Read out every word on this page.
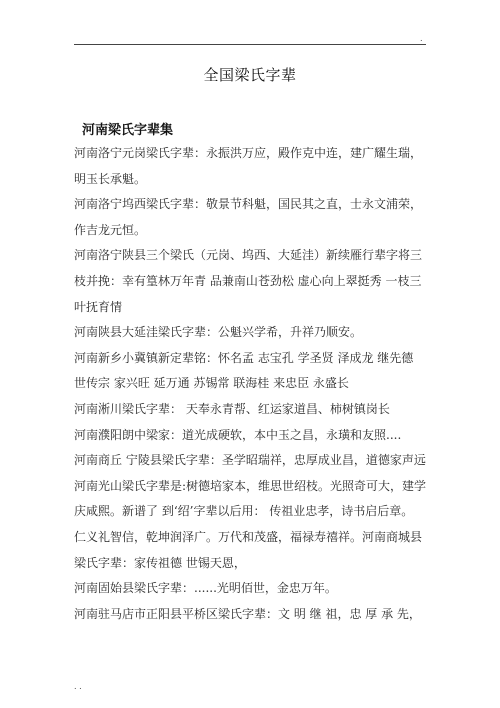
.
全国梁氏字辈
河南梁氏字辈集

河南洛宁元岗梁氏字辈：永振洪万应，殿作克中连，建广耀生瑞，

明玉长承魁。

河南洛宁坞西梁氏字辈：敬景节科魁，国民其之直，士永文浦荣，

作吉龙元恒。

河南洛宁陕县三个梁氏（元岗、坞西、大延洼）新续雁行辈字将三

枝并挽：幸有篁林万年青 品兼南山苍劲松 虚心向上翠挺秀 一枝三

叶抚育情

河南陕县大延洼梁氏字辈：公魁兴学希，升祥乃顺安。

河南新乡小冀镇新定辈铭：怀名孟 志宝孔 学圣贤 泽成龙 继先德

世传宗 家兴旺 延万通 苏锡常 联海桂 来忠臣 永盛长

河南淅川梁氏字辈： 天奉永青帮、红运家道昌、柿树镇岗长

河南濮阳朗中梁家：道光成硬软，本中玉之昌，永璜和友照....

河南商丘 宁陵县梁氏字辈：圣学昭瑞祥，忠厚成业昌，道德家声远

河南光山梁氏字辈是:树德培家本，维思世绍枝。光照奇可大，建学

庆咸熙。新谱了 到‘绍’字辈以后用： 传祖业忠孝，诗书启后章。

仁义礼智信，乾坤润泽广。万代和茂盛，福禄寿禧祥。河南商城县

梁氏字辈：家传祖德 世锡天恩，

河南固始县梁氏字辈：......光明佰世，金忠万年。

河南驻马店市正阳县平桥区梁氏字辈：文 明 继 祖，忠 厚 承 先，

. .
